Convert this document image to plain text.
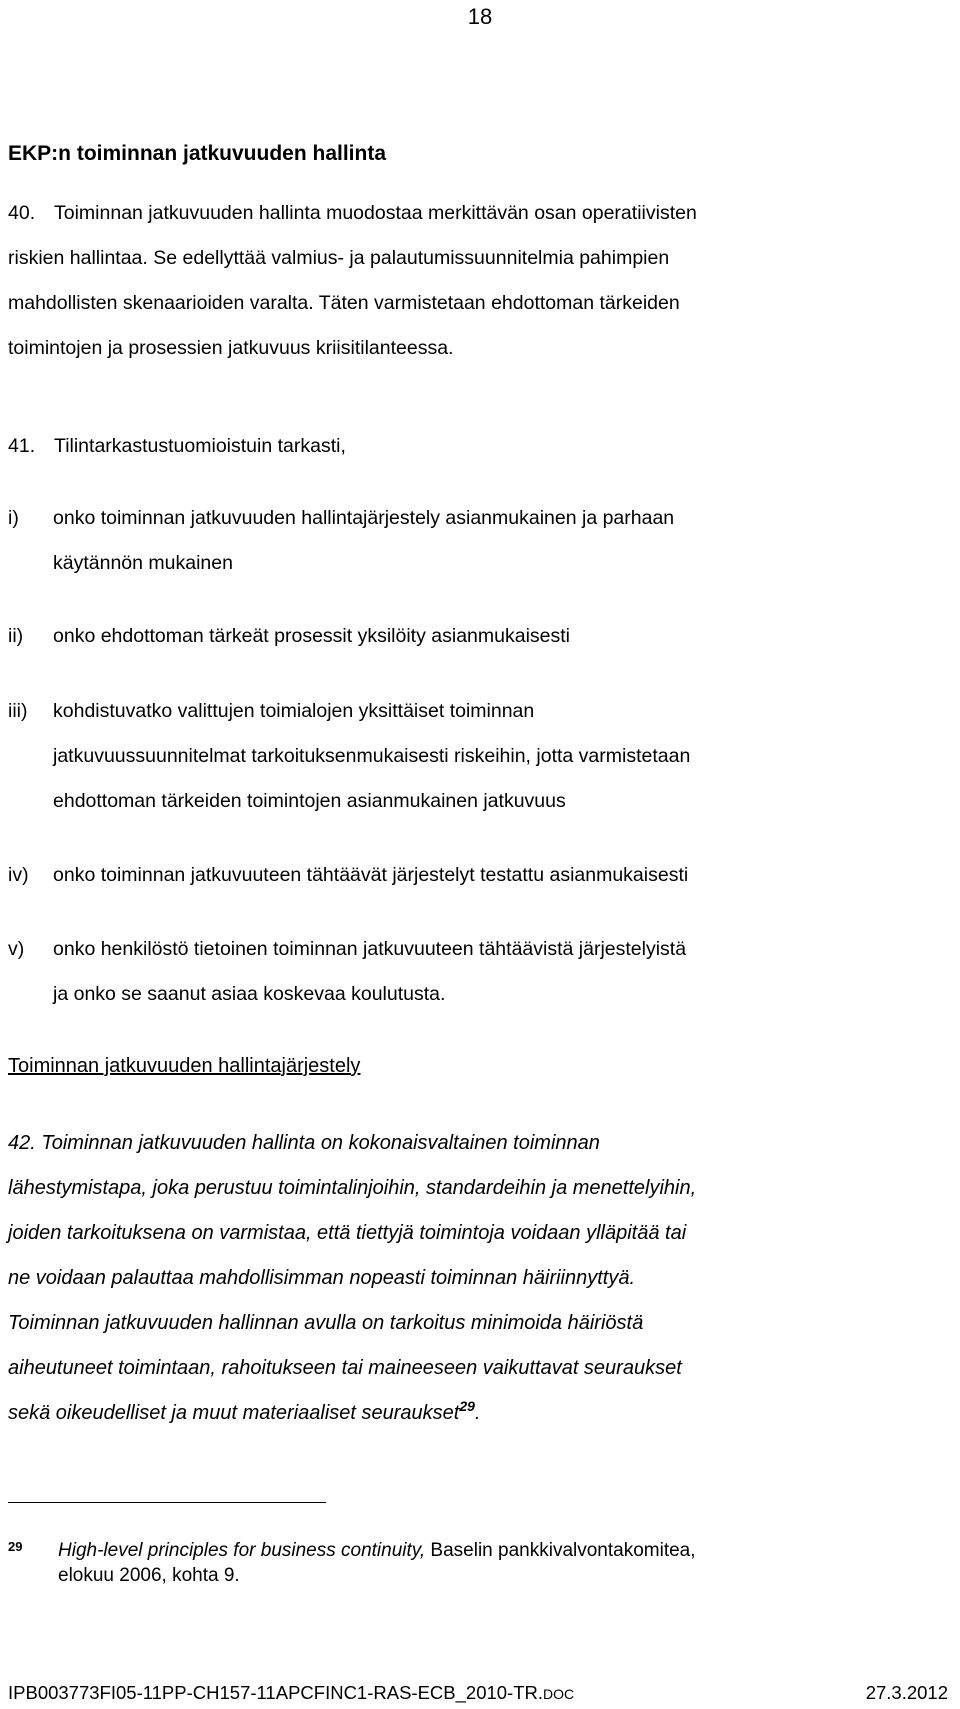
18
EKP:n toiminnan jatkuvuuden hallinta
40. Toiminnan jatkuvuuden hallinta muodostaa merkittävän osan operatiivisten
riskien hallintaa. Se edellyttää valmius- ja palautumissuunnitelmia pahimpien
mahdollisten skenaarioiden varalta. Täten varmistetaan ehdottoman tärkeiden
toimintojen ja prosessien jatkuvuus kriisitilanteessa.
41. Tilintarkastustuomioistuin tarkasti,
i) onko toiminnan jatkuvuuden hallintajärjestely asianmukainen ja parhaan
käytännön mukainen
ii) onko ehdottoman tärkeät prosessit yksilöity asianmukaisesti
iii) kohdistuvatko valittujen toimialojen yksittäiset toiminnan
jatkuvuussuunnitelmat tarkoituksenmukaisesti riskeihin, jotta varmistetaan
ehdottoman tärkeiden toimintojen asianmukainen jatkuvuus
iv) onko toiminnan jatkuvuuteen tähtäävät järjestelyt testattu asianmukaisesti
v) onko henkilöstö tietoinen toiminnan jatkuvuuteen tähtäävistä järjestelyistä
ja onko se saanut asiaa koskevaa koulutusta.
Toiminnan jatkuvuuden hallintajärjestely
42. Toiminnan jatkuvuuden hallinta on kokonaisvaltainen toiminnan
lähestymistapa, joka perustuu toimintalinjoihin, standardeihin ja menettelyihin,
joiden tarkoituksena on varmistaa, että tiettyjä toimintoja voidaan ylläpitää tai
ne voidaan palauttaa mahdollisimman nopeasti toiminnan häiriinnyttyä.
Toiminnan jatkuvuuden hallinnan avulla on tarkoitus minimoida häiriöstä
aiheutuneet toimintaan, rahoitukseen tai maineeseen vaikuttavat seuraukset
sekä oikeudelliset ja muut materiaaliset seuraukset$^{29}$.
29 High-level principles for business continuity, Baselin pankkivalvontakomitea,
elokuu 2006, kohta 9.
IPB003773FI05-11PP-CH157-11APCFINC1-RAS-ECB_2010-TR.DOC	27.3.2012
